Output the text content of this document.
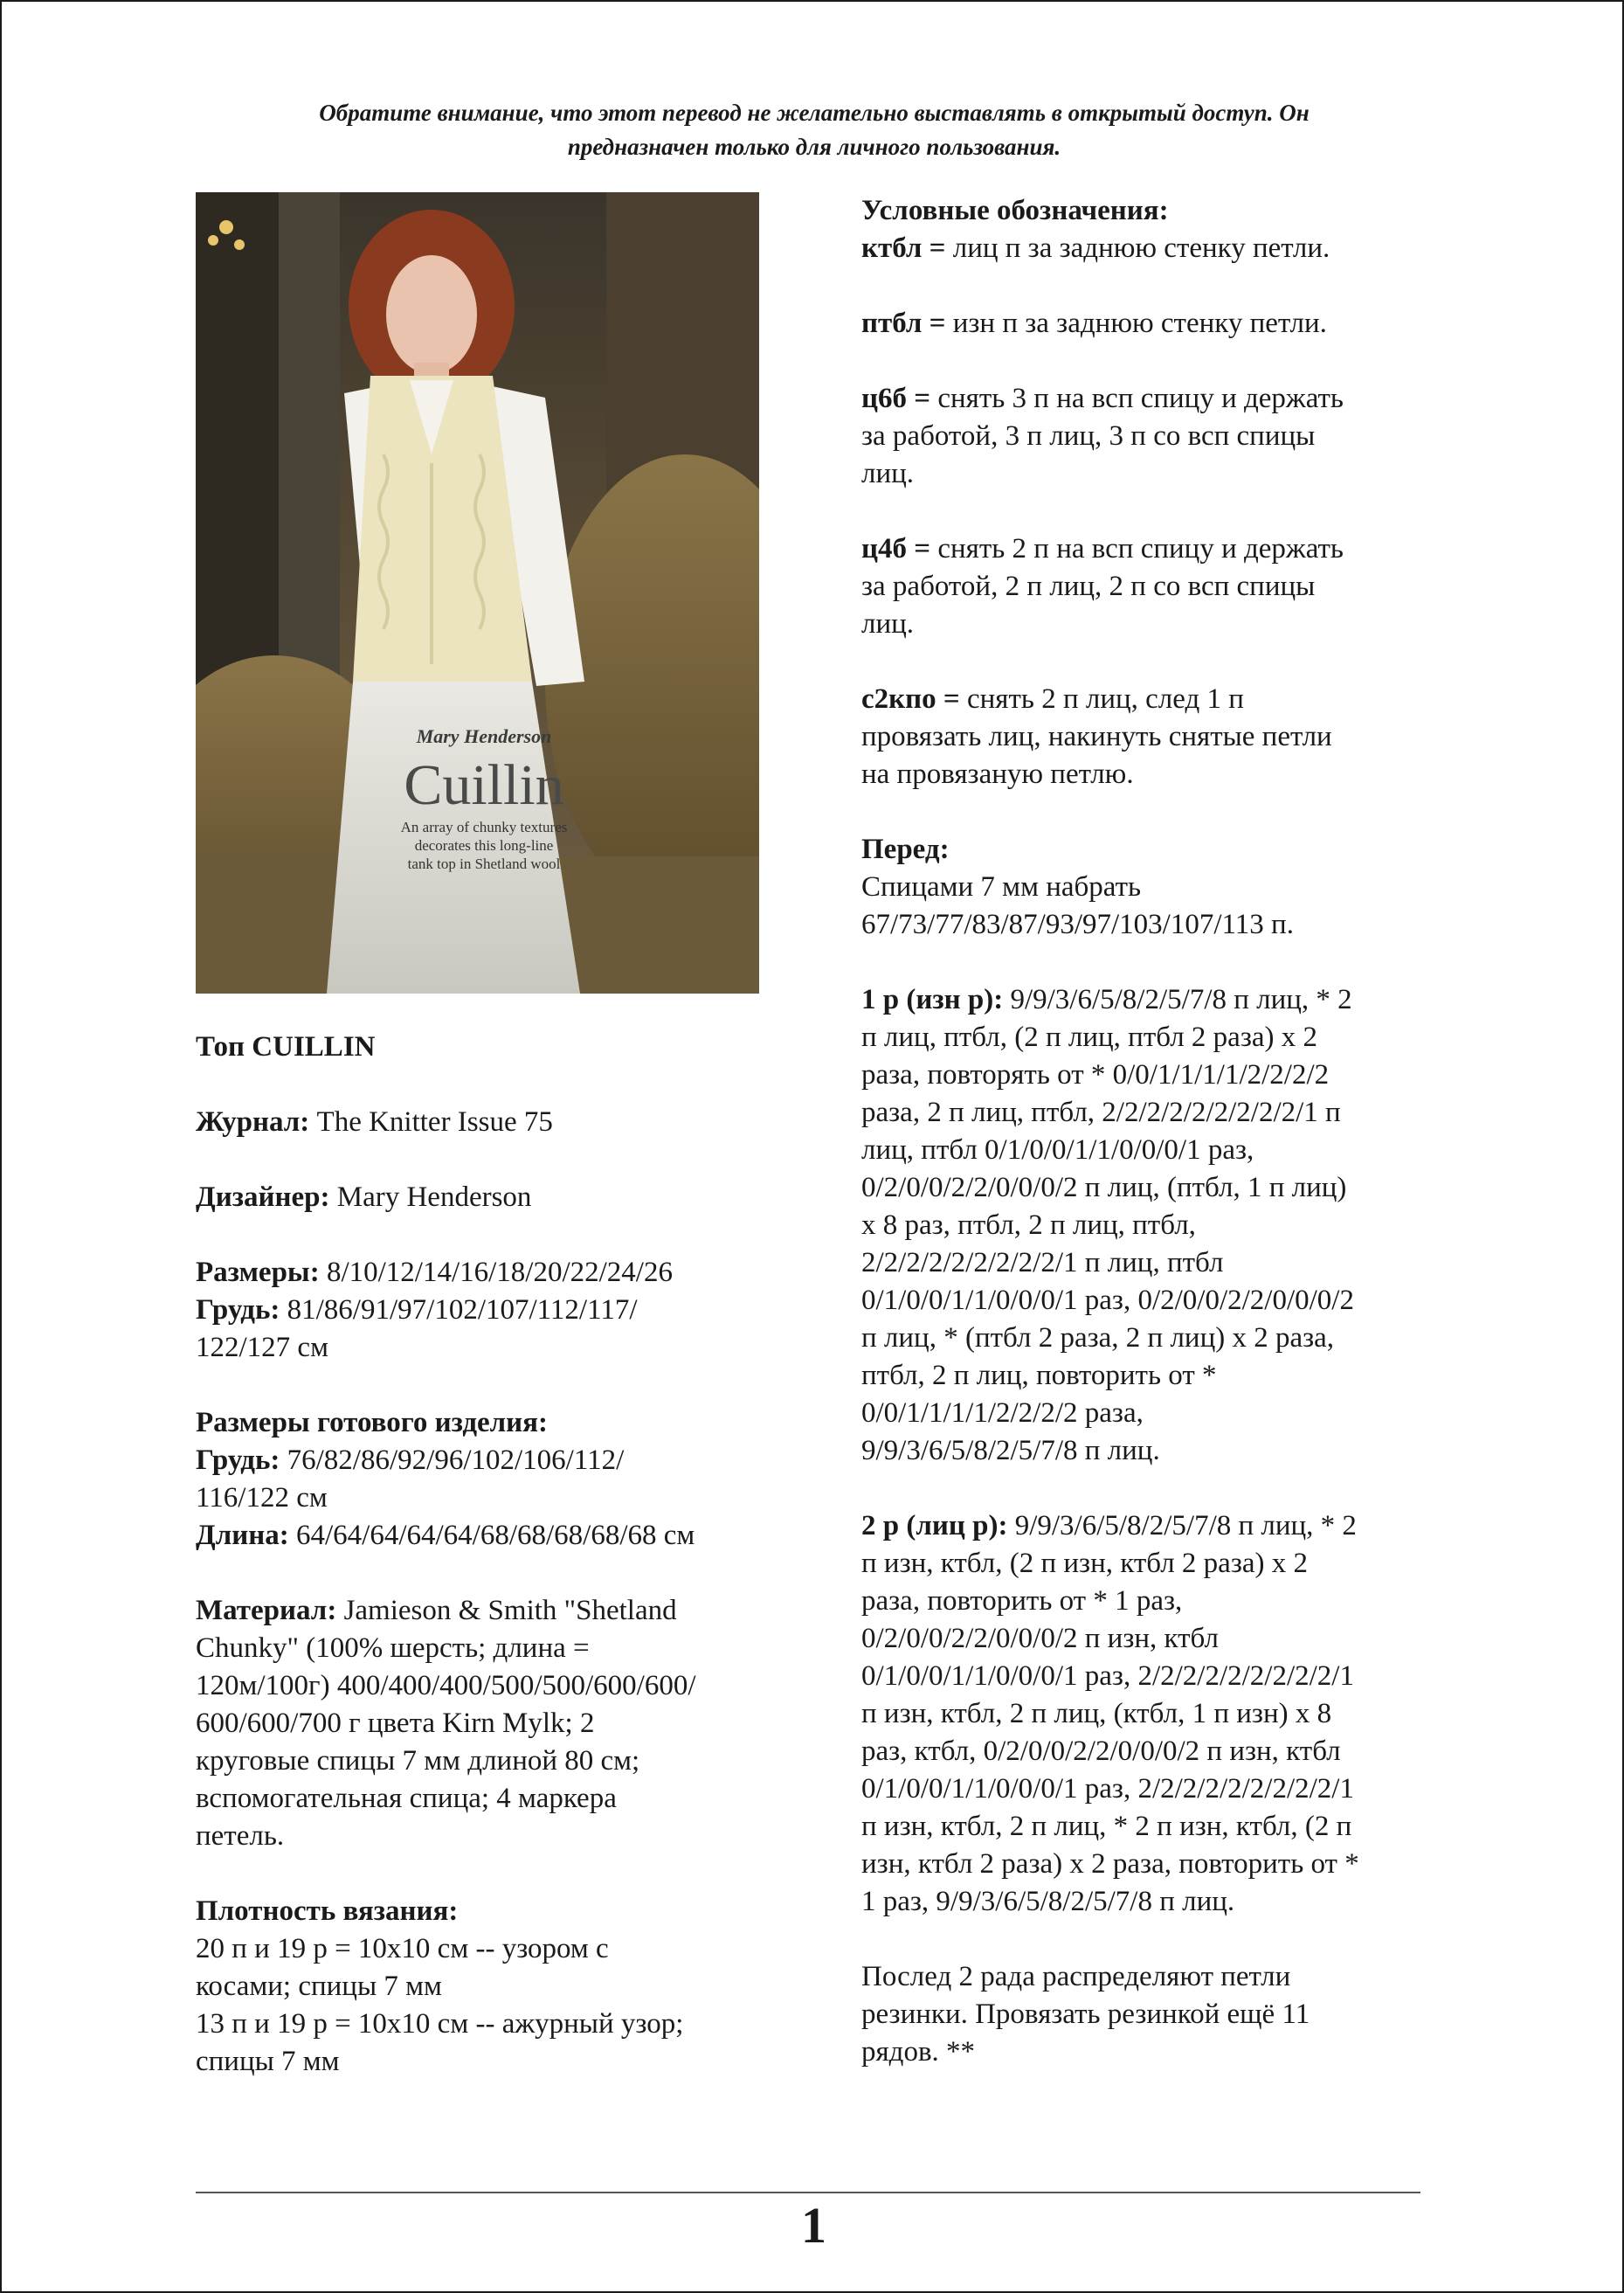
Обратите внимание, что этот перевод не желательно выставлять в открытый доступ. Он
предназначен только для личного пользования.
Mary Henderson
Cuillin
An array of chunky textures
decorates this long-line
tank top in Shetland wool

Топ CUILLIN

Журнал: The Knitter Issue 75

Дизайнер: Mary Henderson

Размеры: 8/10/12/14/16/18/20/22/24/26

Грудь: 81/86/91/97/102/107/112/117/

122/127 см

Размеры готового изделия:

Грудь: 76/82/86/92/96/102/106/112/

116/122 см

Длина: 64/64/64/64/64/68/68/68/68/68 см

Материал: Jamieson & Smith "Shetland

Chunky" (100% шерсть; длина =

120м/100г) 400/400/400/500/500/600/600/

600/600/700 г цвета Kirn Mylk; 2

круговые спицы 7 мм длиной 80 см;

вспомогательная спица; 4 маркера

петель.

Плотность вязания:

20 п и 19 р = 10x10 см -- узором с

косами; спицы 7 мм

13 п и 19 р = 10x10 см -- ажурный узор;

спицы 7 мм

Условные обозначения:

ктбл = лиц п за заднюю стенку петли.

птбл = изн п за заднюю стенку петли.

ц6б = снять 3 п на всп спицу и держать

за работой, 3 п лиц, 3 п со всп спицы

лиц.

ц4б = снять 2 п на всп спицу и держать

за работой, 2 п лиц, 2 п со всп спицы

лиц.

c2кпо = снять 2 п лиц, след 1 п

провязать лиц, накинуть снятые петли

на провязаную петлю.

Перед:

Спицами 7 мм набрать

67/73/77/83/87/93/97/103/107/113 п.

1 р (изн р): 9/9/3/6/5/8/2/5/7/8 п лиц, * 2

п лиц, птбл, (2 п лиц, птбл 2 раза) x 2

раза, повторять от * 0/0/1/1/1/1/2/2/2/2

раза, 2 п лиц, птбл, 2/2/2/2/2/2/2/2/2/1 п

лиц, птбл 0/1/0/0/1/1/0/0/0/1 раз,

0/2/0/0/2/2/0/0/0/2 п лиц, (птбл, 1 п лиц)

x 8 раз, птбл, 2 п лиц, птбл,

2/2/2/2/2/2/2/2/2/1 п лиц, птбл

0/1/0/0/1/1/0/0/0/1 раз, 0/2/0/0/2/2/0/0/0/2

п лиц, * (птбл 2 раза, 2 п лиц) x 2 раза,

птбл, 2 п лиц, повторить от *

0/0/1/1/1/1/2/2/2/2 раза,

9/9/3/6/5/8/2/5/7/8 п лиц.

2 р (лиц р): 9/9/3/6/5/8/2/5/7/8 п лиц, * 2

п изн, ктбл, (2 п изн, ктбл 2 раза) x 2

раза, повторить от * 1 раз,

0/2/0/0/2/2/0/0/0/2 п изн, ктбл

0/1/0/0/1/1/0/0/0/1 раз, 2/2/2/2/2/2/2/2/2/1

п изн, ктбл, 2 п лиц, (ктбл, 1 п изн) x 8

раз, ктбл, 0/2/0/0/2/2/0/0/0/2 п изн, ктбл

0/1/0/0/1/1/0/0/0/1 раз, 2/2/2/2/2/2/2/2/2/1

п изн, ктбл, 2 п лиц, * 2 п изн, ктбл, (2 п

изн, ктбл 2 раза) x 2 раза, повторить от *

1 раз, 9/9/3/6/5/8/2/5/7/8 п лиц.

Послед 2 рада распределяют петли

резинки. Провязать резинкой ещё 11

рядов. **

1
